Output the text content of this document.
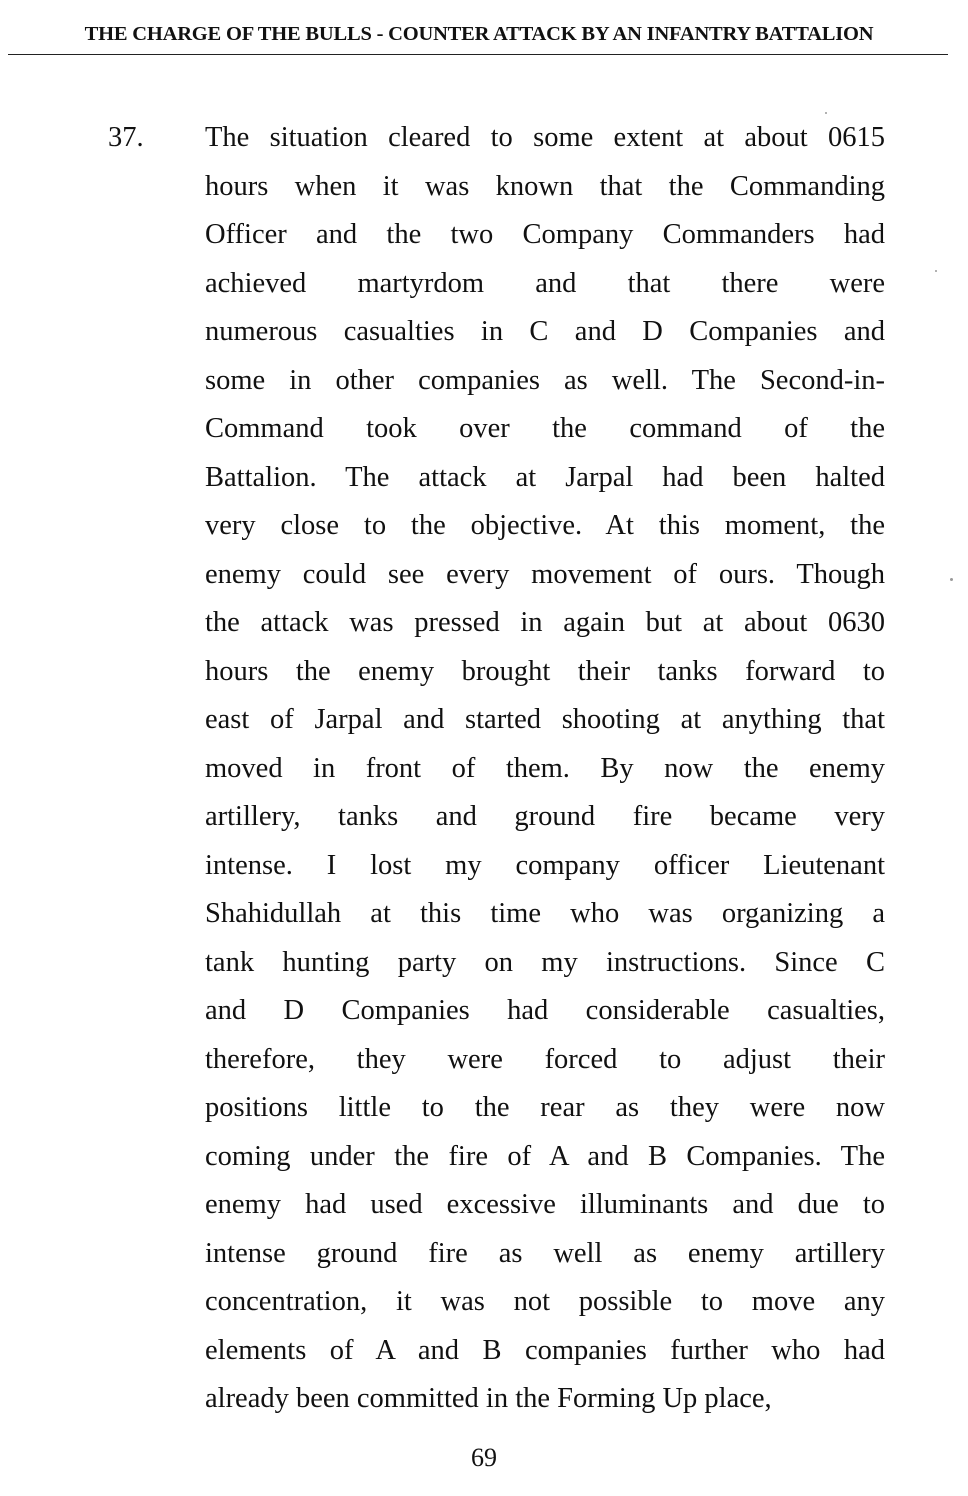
THE CHARGE OF THE BULLS - COUNTER ATTACK BY AN INFANTRY BATTALION
37. The situation cleared to some extent at about 0615
hours when it was known that the Commanding
Officer and the two Company Commanders had
achieved martyrdom and that there were
numerous casualties in C and D Companies and
some in other companies as well. The Second-in-
Command took over the command of the
Battalion. The attack at Jarpal had been halted
very close to the objective. At this moment, the
enemy could see every movement of ours. Though
the attack was pressed in again but at about 0630
hours the enemy brought their tanks forward to
east of Jarpal and started shooting at anything that
moved in front of them. By now the enemy
artillery, tanks and ground fire became very
intense. I lost my company officer Lieutenant
Shahidullah at this time who was organizing a
tank hunting party on my instructions. Since C
and D Companies had considerable casualties,
therefore, they were forced to adjust their
positions little to the rear as they were now
coming under the fire of A and B Companies. The
enemy had used excessive illuminants and due to
intense ground fire as well as enemy artillery
concentration, it was not possible to move any
elements of A and B companies further who had
already been committed in the Forming Up place,
69
